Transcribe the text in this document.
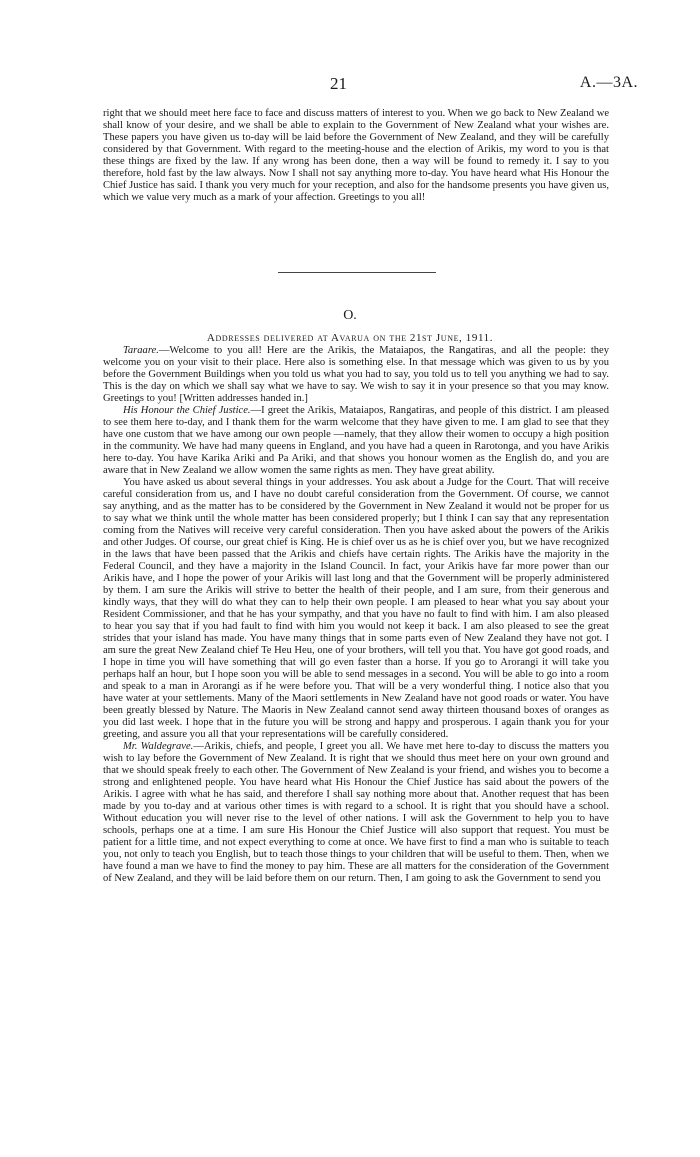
21	A.—3A.

right that we should meet here face to face and discuss matters of interest to you. When we go back to New Zealand we shall know of your desire, and we shall be able to explain to the Government of New Zealand what your wishes are. These papers you have given us to-day will be laid before the Government of New Zealand, and they will be carefully considered by that Government. With regard to the meeting-house and the election of Arikis, my word to you is that these things are fixed by the law. If any wrong has been done, then a way will be found to remedy it. I say to you therefore, hold fast by the law always. Now I shall not say anything more to-day. You have heard what His Honour the Chief Justice has said. I thank you very much for your reception, and also for the handsome presents you have given us, which we value very much as a mark of your affection. Greetings to you all!

O.
Addresses delivered at Avarua on the 21st June, 1911.

Taraare.—Welcome to you all! Here are the Arikis, the Mataiapos, the Rangatiras, and all the people: they welcome you on your visit to their place. Here also is something else. In that message which was given to us by you before the Government Buildings when you told us what you had to say, you told us to tell you anything we had to say. This is the day on which we shall say what we have to say. We wish to say it in your presence so that you may know. Greetings to you! [Written addresses handed in.]

His Honour the Chief Justice.—I greet the Arikis, Mataiapos, Rangatiras, and people of this district. I am pleased to see them here to-day, and I thank them for the warm welcome that they have given to me. I am glad to see that they have one custom that we have among our own people —namely, that they allow their women to occupy a high position in the community. We have had many queens in England, and you have had a queen in Rarotonga, and you have Arikis here to-day. You have Karika Ariki and Pa Ariki, and that shows you honour women as the English do, and you are aware that in New Zealand we allow women the same rights as men. They have great ability.

You have asked us about several things in your addresses. You ask about a Judge for the Court. That will receive careful consideration from us, and I have no doubt careful consideration from the Government. Of course, we cannot say anything, and as the matter has to be considered by the Government in New Zealand it would not be proper for us to say what we think until the whole matter has been considered properly; but I think I can say that any representation coming from the Natives will receive very careful consideration. Then you have asked about the powers of the Arikis and other Judges. Of course, our great chief is King. He is chief over us as he is chief over you, but we have recognized in the laws that have been passed that the Arikis and chiefs have certain rights. The Arikis have the majority in the Federal Council, and they have a majority in the Island Council. In fact, your Arikis have far more power than our Arikis have, and I hope the power of your Arikis will last long and that the Government will be properly administered by them. I am sure the Arikis will strive to better the health of their people, and I am sure, from their generous and kindly ways, that they will do what they can to help their own people. I am pleased to hear what you say about your Resident Commissioner, and that he has your sympathy, and that you have no fault to find with him. I am also pleased to hear you say that if you had fault to find with him you would not keep it back. I am also pleased to see the great strides that your island has made. You have many things that in some parts even of New Zealand they have not got. I am sure the great New Zealand chief Te Heu Heu, one of your brothers, will tell you that. You have got good roads, and I hope in time you will have something that will go even faster than a horse. If you go to Arorangi it will take you perhaps half an hour, but I hope soon you will be able to send messages in a second. You will be able to go into a room and speak to a man in Arorangi as if he were before you. That will be a very wonderful thing. I notice also that you have water at your settlements. Many of the Maori settlements in New Zealand have not good roads or water. You have been greatly blessed by Nature. The Maoris in New Zealand cannot send away thirteen thousand boxes of oranges as you did last week. I hope that in the future you will be strong and happy and prosperous. I again thank you for your greeting, and assure you all that your representations will be carefully considered.

Mr. Waldegrave.—Arikis, chiefs, and people, I greet you all. We have met here to-day to discuss the matters you wish to lay before the Government of New Zealand. It is right that we should thus meet here on your own ground and that we should speak freely to each other. The Government of New Zealand is your friend, and wishes you to become a strong and enlightened people. You have heard what His Honour the Chief Justice has said about the powers of the Arikis. I agree with what he has said, and therefore I shall say nothing more about that. Another request that has been made by you to-day and at various other times is with regard to a school. It is right that you should have a school. Without education you will never rise to the level of other nations. I will ask the Government to help you to have schools, perhaps one at a time. I am sure His Honour the Chief Justice will also support that request. You must be patient for a little time, and not expect everything to come at once. We have first to find a man who is suitable to teach you, not only to teach you English, but to teach those things to your children that will be useful to them. Then, when we have found a man we have to find the money to pay him. These are all matters for the consideration of the Government of New Zealand, and they will be laid before them on our return. Then, I am going to ask the Government to send you
